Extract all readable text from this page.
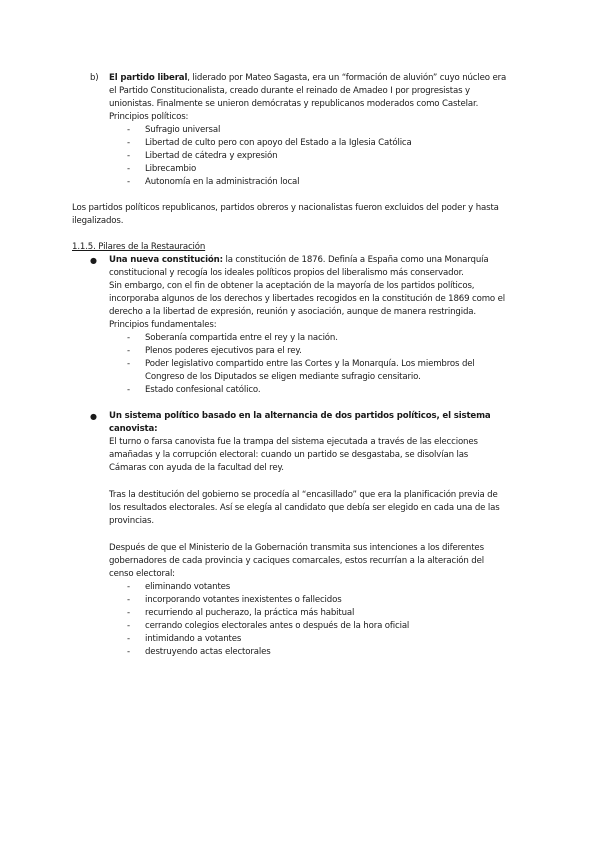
b) El partido liberal, liderado por Mateo Sagasta, era un “formación de aluvión” cuyo núcleo era
el Partido Constitucionalista, creado durante el reinado de Amadeo I por progresistas y
unionistas. Finalmente se unieron demócratas y republicanos moderados como Castelar.
Principios políticos:
- Sufragio universal
- Libertad de culto pero con apoyo del Estado a la Iglesia Católica
- Libertad de cátedra y expresión
- Librecambio
- Autonomía en la administración local
Los partidos políticos republicanos, partidos obreros y nacionalistas fueron excluidos del poder y hasta
ilegalizados.
1.1.5. Pilares de la Restauración
● Una nueva constitución: la constitución de 1876. Definía a España como una Monarquía
constitucional y recogía los ideales políticos propios del liberalismo más conservador.
Sin embargo, con el fin de obtener la aceptación de la mayoría de los partidos políticos,
incorporaba algunos de los derechos y libertades recogidos en la constitución de 1869 como el
derecho a la libertad de expresión, reunión y asociación, aunque de manera restringida.
Principios fundamentales:
- Soberanía compartida entre el rey y la nación.
- Plenos poderes ejecutivos para el rey.
- Poder legislativo compartido entre las Cortes y la Monarquía. Los miembros del
Congreso de los Diputados se eligen mediante sufragio censitario.
- Estado confesional católico.
● Un sistema político basado en la alternancia de dos partidos políticos, el sistema
canovista:
El turno o farsa canovista fue la trampa del sistema ejecutada a través de las elecciones
amañadas y la corrupción electoral: cuando un partido se desgastaba, se disolvían las
Cámaras con ayuda de la facultad del rey.
Tras la destitución del gobierno se procedía al “encasillado” que era la planificación previa de
los resultados electorales. Así se elegía al candidato que debía ser elegido en cada una de las
provincias.
Después de que el Ministerio de la Gobernación transmita sus intenciones a los diferentes
gobernadores de cada provincia y caciques comarcales, estos recurrían a la alteración del
censo electoral:
- eliminando votantes
- incorporando votantes inexistentes o fallecidos
- recurriendo al pucherazo, la práctica más habitual
- cerrando colegios electorales antes o después de la hora oficial
- intimidando a votantes
- destruyendo actas electorales
